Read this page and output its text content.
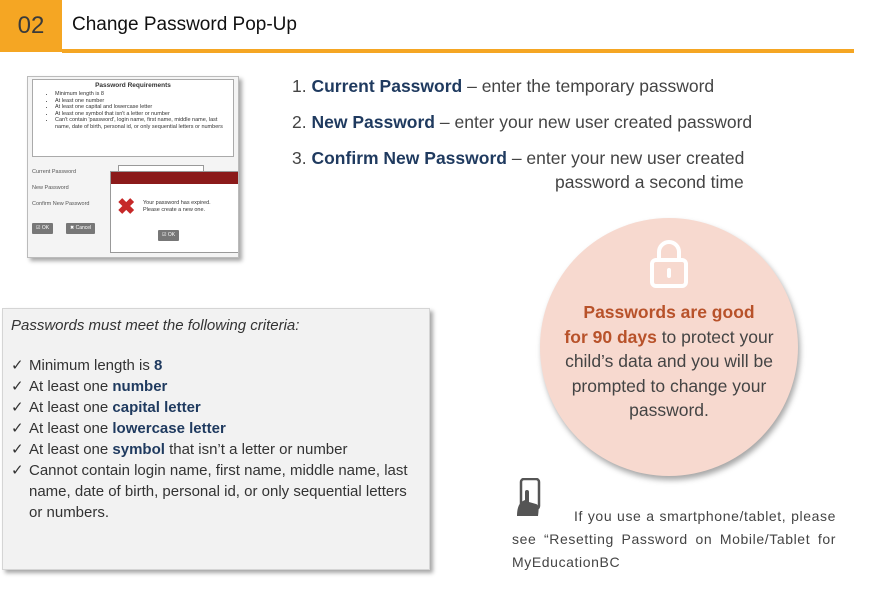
02	Change Password Pop-Up
Password Requirements
• Minimum length is 8
• At least one number
• At least one capital and lowercase letter
• At least one symbol that isn't a letter or number
• Can't contain 'password', login name, first name, middle name, last name, date of birth, personal id, or only sequential letters or numbers
Current Password
New Password
Confirm New Password
☑ OK	✖ Cancel
✖ Your password has expired.
Please create a new one.
☑ OK
1. Current Password – enter the temporary password
2. New Password – enter your new user created password
3. Confirm New Password – enter your new user created
password a second time
Passwords must meet the following criteria:
✓ Minimum length is 8
✓ At least one number
✓ At least one capital letter
✓ At least one lowercase letter
✓ At least one symbol that isn’t a letter or number
✓ Cannot contain login name, first name, middle name, last name, date of birth, personal id, or only sequential letters or numbers.
Passwords are good
for 90 days to protect your child’s data and you will be prompted to change your password.
If you use a smartphone/tablet, please see “Resetting Password on Mobile/Tablet for MyEducationBC
